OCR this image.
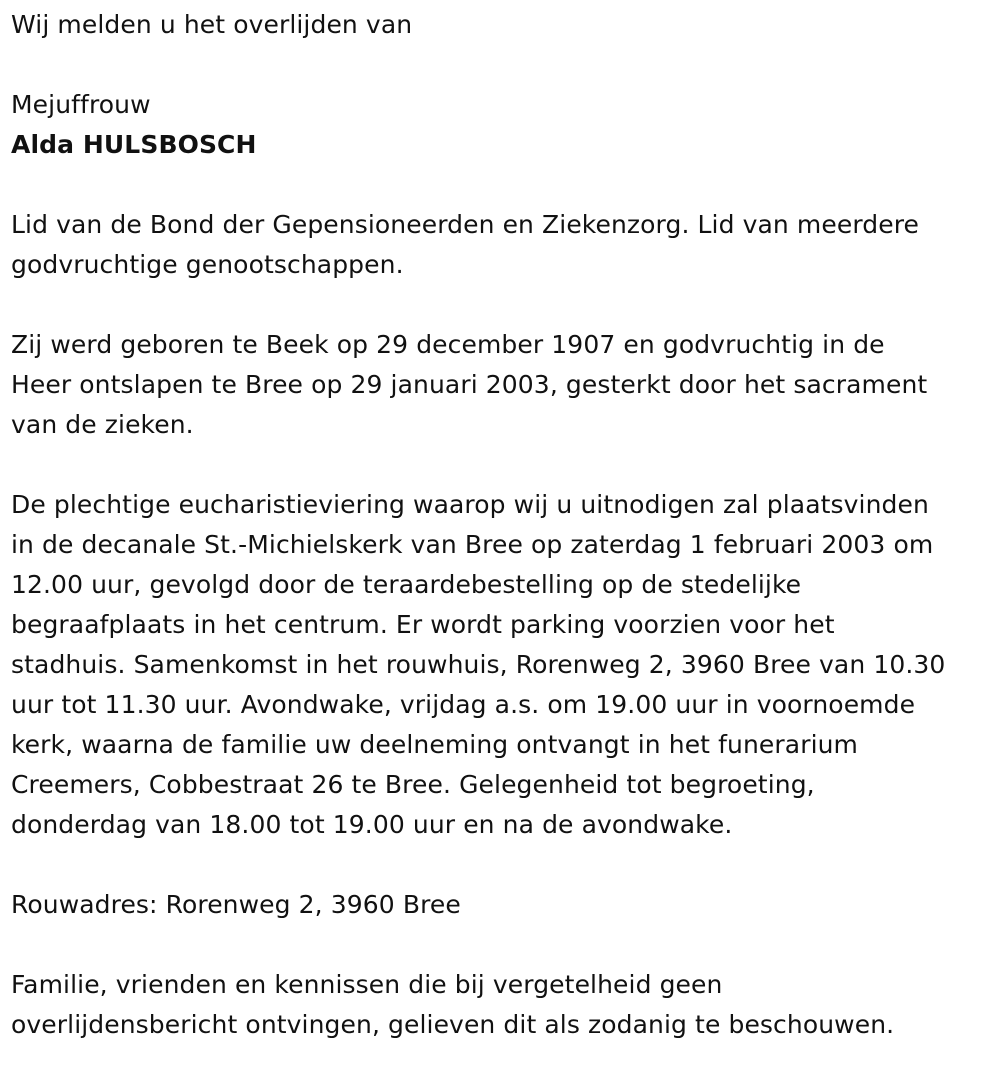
Wij melden u het overlijden van
Mejuffrouw
Alda HULSBOSCH
Lid van de Bond der Gepensioneerden en Ziekenzorg. Lid van meerdere
godvruchtige genootschappen.
Zij werd geboren te Beek op 29 december 1907 en godvruchtig in de
Heer ontslapen te Bree op 29 januari 2003, gesterkt door het sacrament
van de zieken.
De plechtige eucharistieviering waarop wij u uitnodigen zal plaatsvinden
in de decanale St.-Michielskerk van Bree op zaterdag 1 februari 2003 om
12.00 uur, gevolgd door de teraardebestelling op de stedelijke
begraafplaats in het centrum. Er wordt parking voorzien voor het
stadhuis. Samenkomst in het rouwhuis, Rorenweg 2, 3960 Bree van 10.30
uur tot 11.30 uur. Avondwake, vrijdag a.s. om 19.00 uur in voornoemde
kerk, waarna de familie uw deelneming ontvangt in het funerarium
Creemers, Cobbestraat 26 te Bree. Gelegenheid tot begroeting,
donderdag van 18.00 tot 19.00 uur en na de avondwake.
Rouwadres: Rorenweg 2, 3960 Bree
Familie, vrienden en kennissen die bij vergetelheid geen
overlijdensbericht ontvingen, gelieven dit als zodanig te beschouwen.
